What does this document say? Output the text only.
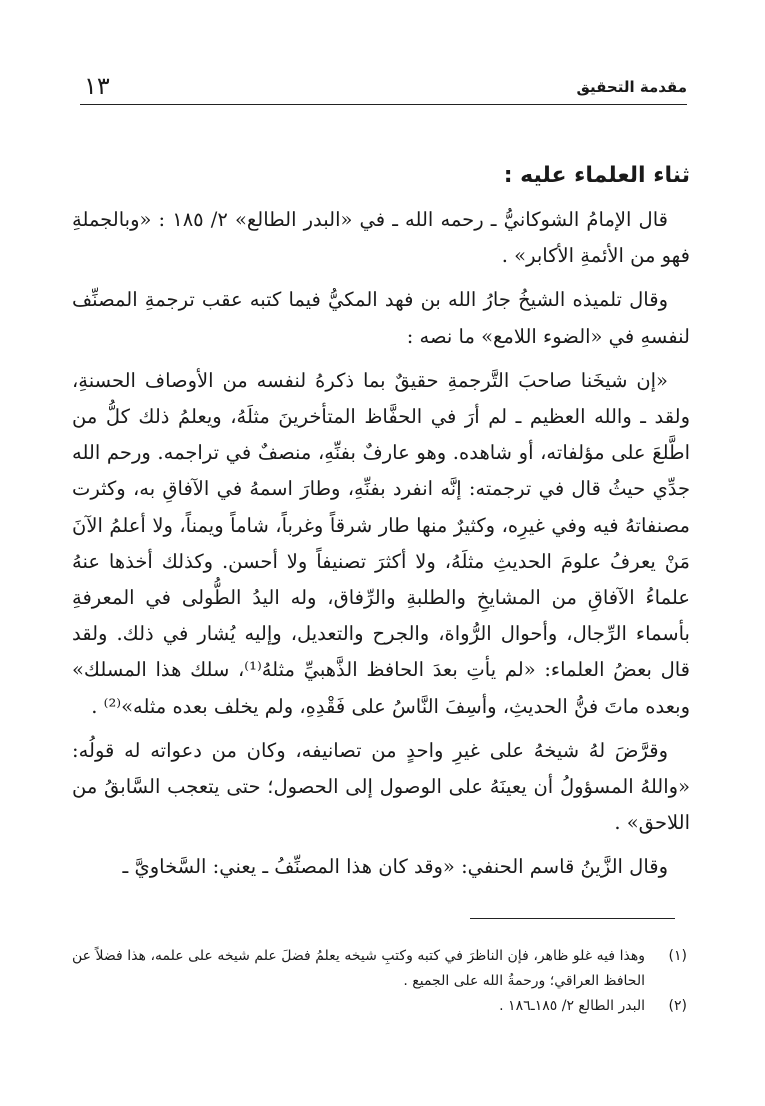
مقدمة التحقيق
١٣
ثناء العلماء عليه :

قال الإمامُ الشوكانيُّ ـ رحمه الله ـ في «البدر الطالع» ٢/ ١٨٥ : «وبالجملةِ فهو من الأئمةِ الأكابر» .

وقال تلميذه الشيخُ جارُ الله بن فهد المكيُّ فيما كتبه عقب ترجمةِ المصنِّف لنفسهِ في «الضوء اللامع» ما نصه :

«إن شيخَنا صاحبَ التَّرجمةِ حقيقٌ بما ذكرهُ لنفسه من الأوصاف الحسنةِ، ولقد ـ والله العظيم ـ لم أرَ في الحفَّاظ المتأخرينَ مثلَهُ، ويعلمُ ذلك كلُّ من اطَّلعَ على مؤلفاته، أو شاهده. وهو عارفٌ بفنِّهِ، منصفٌ في تراجمه. ورحم الله جدِّي حيثُ قال في ترجمته: إنَّه انفرد بفنِّهِ، وطارَ اسمهُ في الآفاقِ به، وكثرت مصنفاتهُ فيه وفي غيرِه، وكثيرٌ منها طار شرقاً وغرباً، شاماً ويمناً، ولا أعلمُ الآنَ مَنْ يعرفُ علومَ الحديثِ مثلَهُ، ولا أكثرَ تصنيفاً ولا أحسن. وكذلك أخذها عنهُ علماءُ الآفاقِ من المشايخِ والطلبةِ والرِّفاق، وله اليدُ الطُّولى في المعرفةِ بأسماء الرِّجال، وأحوال الرُّواة، والجرح والتعديل، وإليه يُشار في ذلك. ولقد قال بعضُ العلماء: «لم يأتِ بعدَ الحافظ الذَّهبيِّ مثلهُ⁽¹⁾، سلك هذا المسلك» وبعده ماتَ فنُّ الحديثِ، وأسِفَ النَّاسُ على فَقْدِهِ، ولم يخلف بعده مثله»⁽²⁾ .

وقرَّضَ لهُ شيخهُ على غيرِ واحدٍ من تصانيفه، وكان من دعواته له قولُه: «واللهُ المسؤولُ أن يعينَهُ على الوصول إلى الحصول؛ حتى يتعجب السَّابقُ من اللاحق» .

وقال الزَّينُ قاسم الحنفي: «وقد كان هذا المصنِّفُ ـ يعني: السَّخاويَّ ـ

(١)
وهذا فيه غلو ظاهر، فإن الناظرَ في كتبه وكتبِ شيخه يعلمُ فضلَ علم شيخه على علمه، هذا فضلاً عن الحافظ العراقي؛ ورحمةُ الله على الجميع .
(٢)
البدر الطالع ٢/ ١٨٥ـ١٨٦ .
